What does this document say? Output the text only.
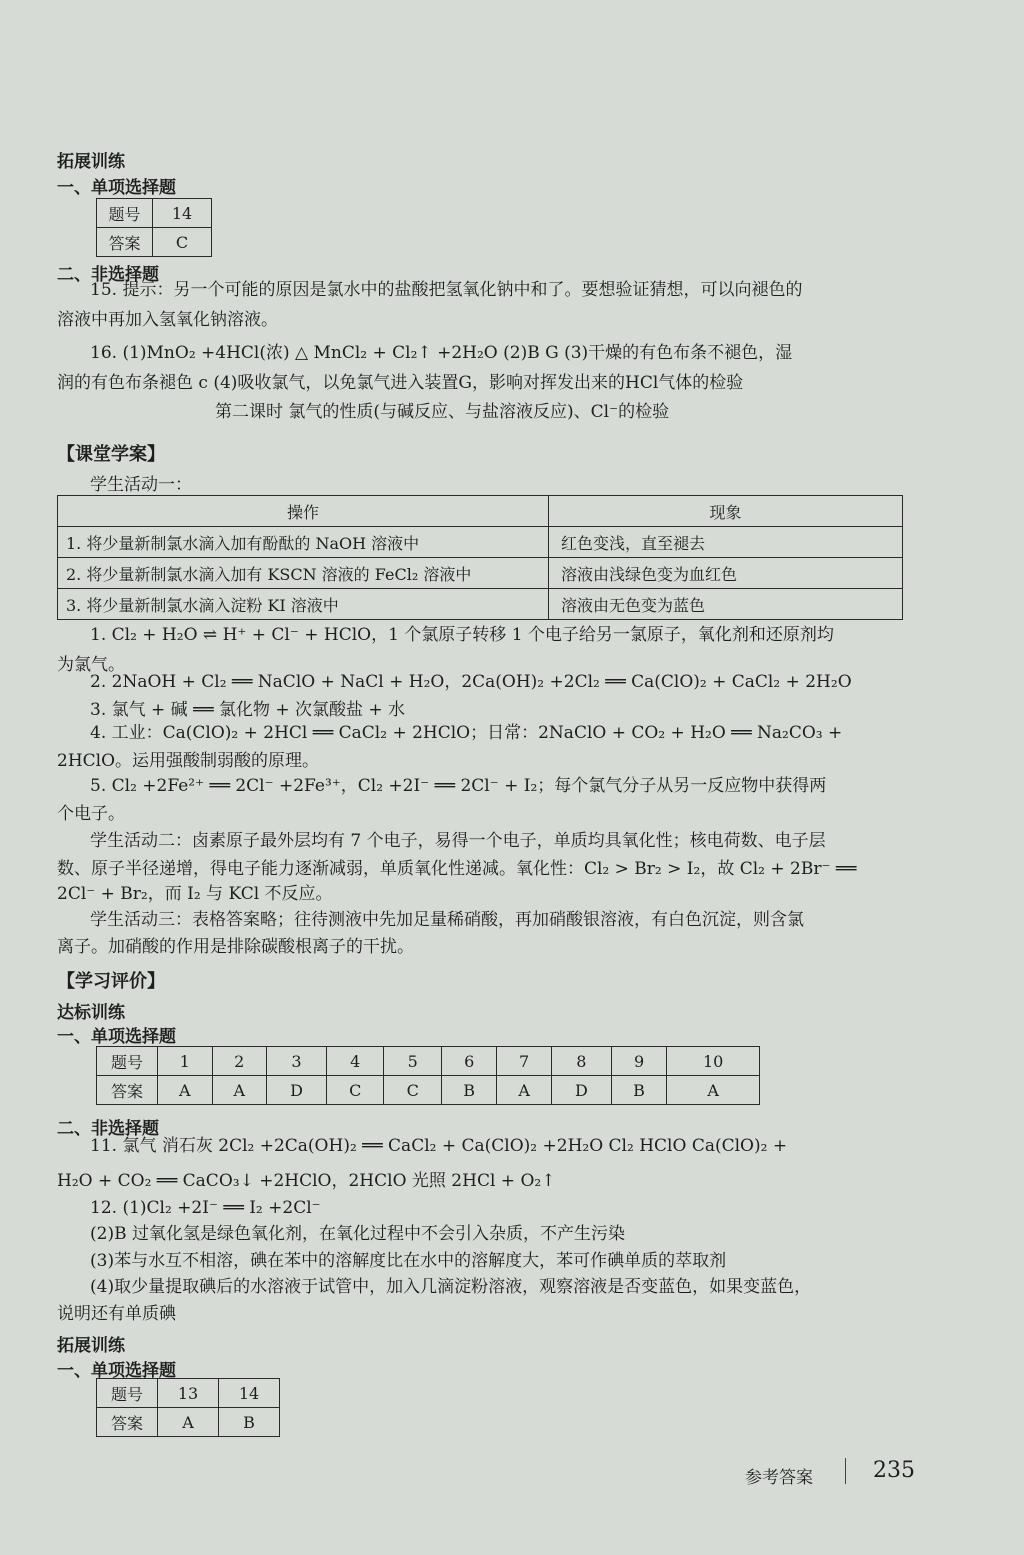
拓展训练
一、单项选择题
题号	14
答案	C
二、非选择题
15. 提示：另一个可能的原因是氯水中的盐酸把氢氧化钠中和了。要想验证猜想，可以向褪色的
溶液中再加入氢氧化钠溶液。
16. (1)MnO₂ +4HCl(浓) △ MnCl₂ + Cl₂↑ +2H₂O (2)B G (3)干燥的有色布条不褪色，湿
润的有色布条褪色 c (4)吸收氯气，以免氯气进入装置G，影响对挥发出来的HCl气体的检验
第二课时 氯气的性质(与碱反应、与盐溶液反应)、Cl⁻的检验
【课堂学案】
学生活动一：
操作	现象
1. 将少量新制氯水滴入加有酚酞的 NaOH 溶液中	红色变浅，直至褪去
2. 将少量新制氯水滴入加有 KSCN 溶液的 FeCl₂ 溶液中	溶液由浅绿色变为血红色
3. 将少量新制氯水滴入淀粉 KI 溶液中	溶液由无色变为蓝色
1. Cl₂ + H₂O ⇌ H⁺ + Cl⁻ + HClO，1 个氯原子转移 1 个电子给另一氯原子，氧化剂和还原剂均
为氯气。
2. 2NaOH + Cl₂ ══ NaClO + NaCl + H₂O，2Ca(OH)₂ +2Cl₂ ══ Ca(ClO)₂ + CaCl₂ + 2H₂O
3. 氯气 + 碱 ══ 氯化物 + 次氯酸盐 + 水
4. 工业：Ca(ClO)₂ + 2HCl ══ CaCl₂ + 2HClO；日常：2NaClO + CO₂ + H₂O ══ Na₂CO₃ +
2HClO。运用强酸制弱酸的原理。
5. Cl₂ +2Fe²⁺ ══ 2Cl⁻ +2Fe³⁺，Cl₂ +2I⁻ ══ 2Cl⁻ + I₂；每个氯气分子从另一反应物中获得两
个电子。
学生活动二：卤素原子最外层均有 7 个电子，易得一个电子，单质均具氧化性；核电荷数、电子层
数、原子半径递增，得电子能力逐渐减弱，单质氧化性递减。氧化性：Cl₂ > Br₂ > I₂，故 Cl₂ + 2Br⁻ ══
2Cl⁻ + Br₂，而 I₂ 与 KCl 不反应。
学生活动三：表格答案略；往待测液中先加足量稀硝酸，再加硝酸银溶液，有白色沉淀，则含氯
离子。加硝酸的作用是排除碳酸根离子的干扰。
【学习评价】
达标训练
一、单项选择题
题号	1	2	3	4	5	6	7	8	9	10
答案	A	A	D	C	C	B	A	D	B	A
二、非选择题
11. 氯气 消石灰 2Cl₂ +2Ca(OH)₂ ══ CaCl₂ + Ca(ClO)₂ +2H₂O Cl₂ HClO Ca(ClO)₂ +
H₂O + CO₂ ══ CaCO₃↓ +2HClO，2HClO 光照 2HCl + O₂↑
12. (1)Cl₂ +2I⁻ ══ I₂ +2Cl⁻
(2)B 过氧化氢是绿色氧化剂，在氧化过程中不会引入杂质，不产生污染
(3)苯与水互不相溶，碘在苯中的溶解度比在水中的溶解度大，苯可作碘单质的萃取剂
(4)取少量提取碘后的水溶液于试管中，加入几滴淀粉溶液，观察溶液是否变蓝色，如果变蓝色，
说明还有单质碘
拓展训练
一、单项选择题
题号	13	14
答案	A	B
参考答案	235
